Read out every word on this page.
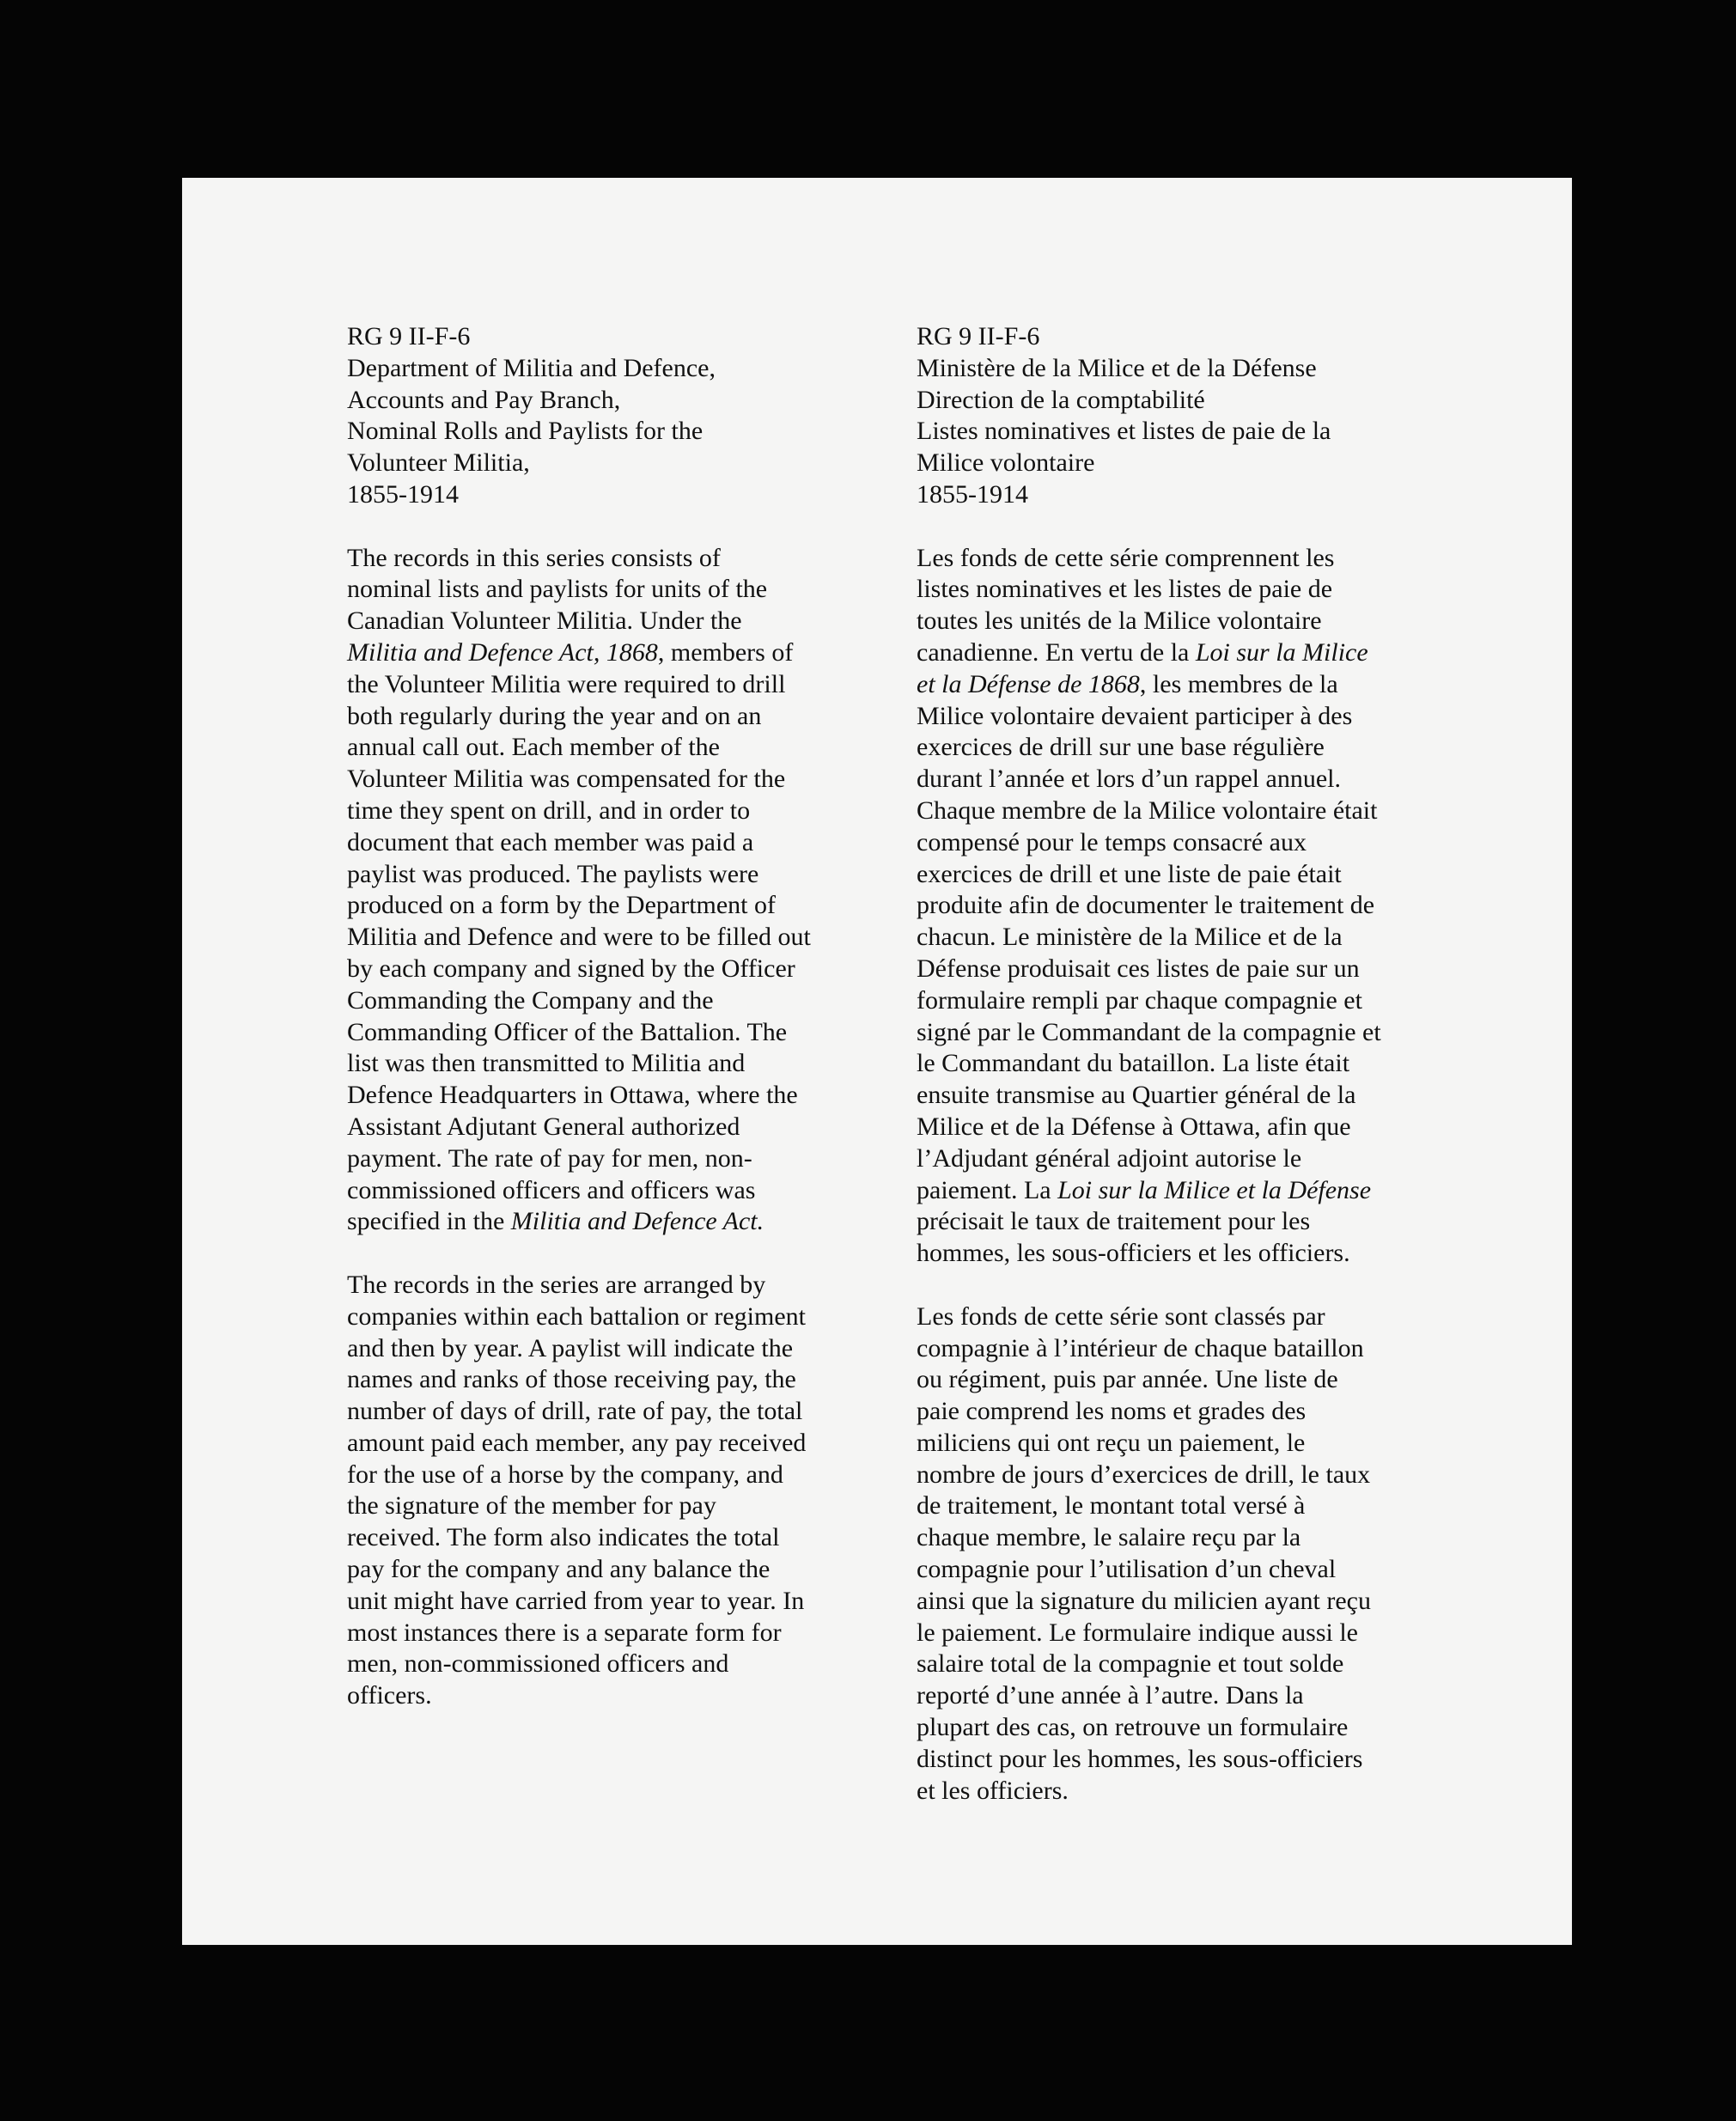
RG 9 II-F-6
Department of Militia and Defence,
Accounts and Pay Branch,
Nominal Rolls and Paylists for the
Volunteer Militia,
1855-1914
The records in this series consists of
nominal lists and paylists for units of the
Canadian Volunteer Militia. Under the
Militia and Defence Act, 1868, members of
the Volunteer Militia were required to drill
both regularly during the year and on an
annual call out. Each member of the
Volunteer Militia was compensated for the
time they spent on drill, and in order to
document that each member was paid a
paylist was produced. The paylists were
produced on a form by the Department of
Militia and Defence and were to be filled out
by each company and signed by the Officer
Commanding the Company and the
Commanding Officer of the Battalion. The
list was then transmitted to Militia and
Defence Headquarters in Ottawa, where the
Assistant Adjutant General authorized
payment. The rate of pay for men, non-
commissioned officers and officers was
specified in the Militia and Defence Act.
The records in the series are arranged by
companies within each battalion or regiment
and then by year. A paylist will indicate the
names and ranks of those receiving pay, the
number of days of drill, rate of pay, the total
amount paid each member, any pay received
for the use of a horse by the company, and
the signature of the member for pay
received. The form also indicates the total
pay for the company and any balance the
unit might have carried from year to year. In
most instances there is a separate form for
men, non-commissioned officers and
officers.
RG 9 II-F-6
Ministère de la Milice et de la Défense
Direction de la comptabilité
Listes nominatives et listes de paie de la
Milice volontaire
1855-1914
Les fonds de cette série comprennent les
listes nominatives et les listes de paie de
toutes les unités de la Milice volontaire
canadienne. En vertu de la Loi sur la Milice
et la Défense de 1868, les membres de la
Milice volontaire devaient participer à des
exercices de drill sur une base régulière
durant l’année et lors d’un rappel annuel.
Chaque membre de la Milice volontaire était
compensé pour le temps consacré aux
exercices de drill et une liste de paie était
produite afin de documenter le traitement de
chacun. Le ministère de la Milice et de la
Défense produisait ces listes de paie sur un
formulaire rempli par chaque compagnie et
signé par le Commandant de la compagnie et
le Commandant du bataillon. La liste était
ensuite transmise au Quartier général de la
Milice et de la Défense à Ottawa, afin que
l’Adjudant général adjoint autorise le
paiement. La Loi sur la Milice et la Défense
précisait le taux de traitement pour les
hommes, les sous-officiers et les officiers.
Les fonds de cette série sont classés par
compagnie à l’intérieur de chaque bataillon
ou régiment, puis par année. Une liste de
paie comprend les noms et grades des
miliciens qui ont reçu un paiement, le
nombre de jours d’exercices de drill, le taux
de traitement, le montant total versé à
chaque membre, le salaire reçu par la
compagnie pour l’utilisation d’un cheval
ainsi que la signature du milicien ayant reçu
le paiement. Le formulaire indique aussi le
salaire total de la compagnie et tout solde
reporté d’une année à l’autre. Dans la
plupart des cas, on retrouve un formulaire
distinct pour les hommes, les sous-officiers
et les officiers.
